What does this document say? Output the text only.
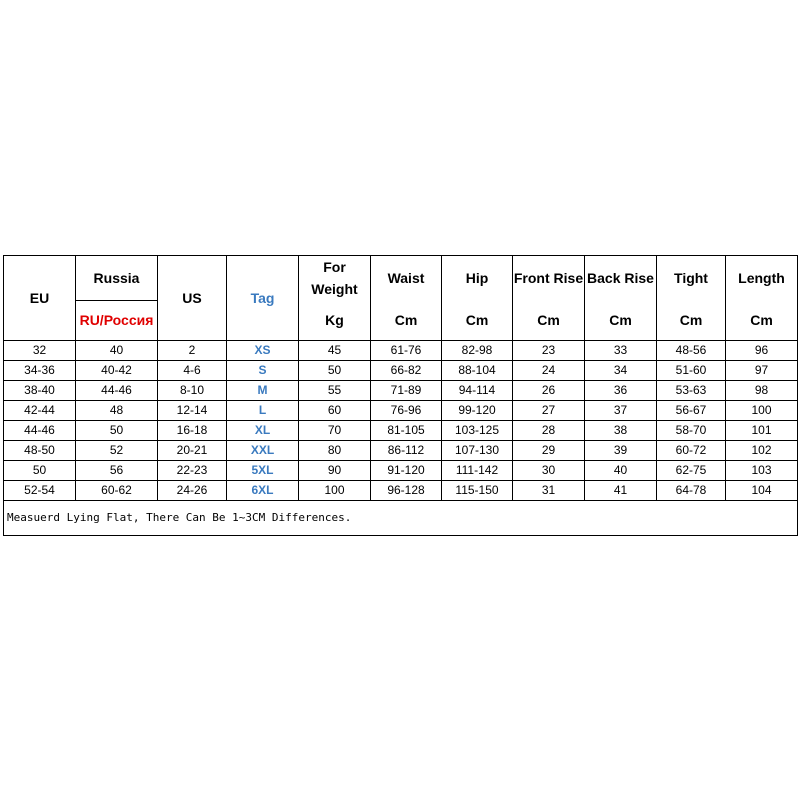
EU	Russia	US	Tag	For Weight	Waist	Hip	Front Rise	Back Rise	Tight	Length
	RU/Россия			Kg	Cm	Cm	Cm	Cm	Cm	Cm
32	40	2	XS	45	61-76	82-98	23	33	48-56	96
34-36	40-42	4-6	S	50	66-82	88-104	24	34	51-60	97
38-40	44-46	8-10	M	55	71-89	94-114	26	36	53-63	98
42-44	48	12-14	L	60	76-96	99-120	27	37	56-67	100
44-46	50	16-18	XL	70	81-105	103-125	28	38	58-70	101
48-50	52	20-21	XXL	80	86-112	107-130	29	39	60-72	102
50	56	22-23	5XL	90	91-120	111-142	30	40	62-75	103
52-54	60-62	24-26	6XL	100	96-128	115-150	31	41	64-78	104
Measuerd Lying Flat, There Can Be 1~3CM Differences.										
